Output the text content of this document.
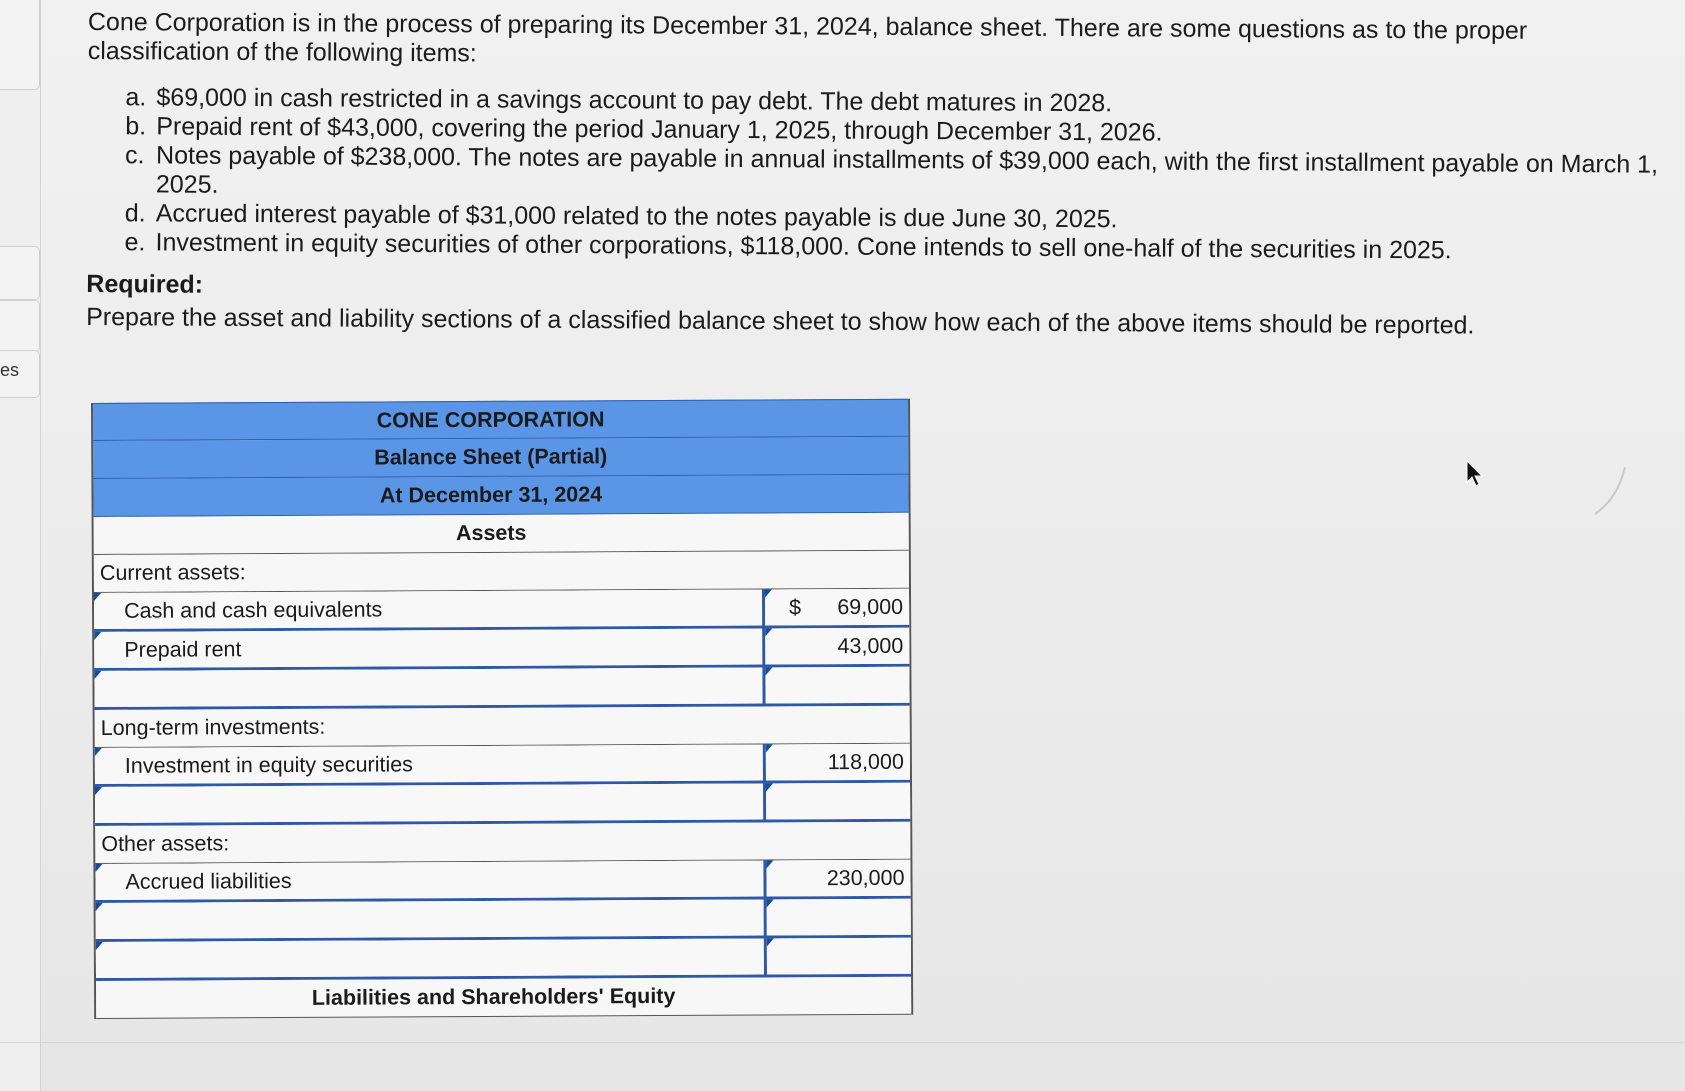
es

Cone Corporation is in the process of preparing its December 31, 2024, balance sheet. There are some questions as to the proper classification of the following items:

a. $69,000 in cash restricted in a savings account to pay debt. The debt matures in 2028.
b. Prepaid rent of $43,000, covering the period January 1, 2025, through December 31, 2026.
c. Notes payable of $238,000. The notes are payable in annual installments of $39,000 each, with the first installment payable on March 1, 2025.
d. Accrued interest payable of $31,000 related to the notes payable is due June 30, 2025.
e. Investment in equity securities of other corporations, $118,000. Cone intends to sell one-half of the securities in 2025.

Required:

Prepare the asset and liability sections of a classified balance sheet to show how each of the above items should be reported.

CONE CORPORATION
Balance Sheet (Partial)
At December 31, 2024
Assets
Current assets:
Cash and cash equivalents	$ 69,000
Prepaid rent	43,000
Long-term investments:
Investment in equity securities	118,000
Other assets:
Accrued liabilities	230,000
Liabilities and Shareholders' Equity
